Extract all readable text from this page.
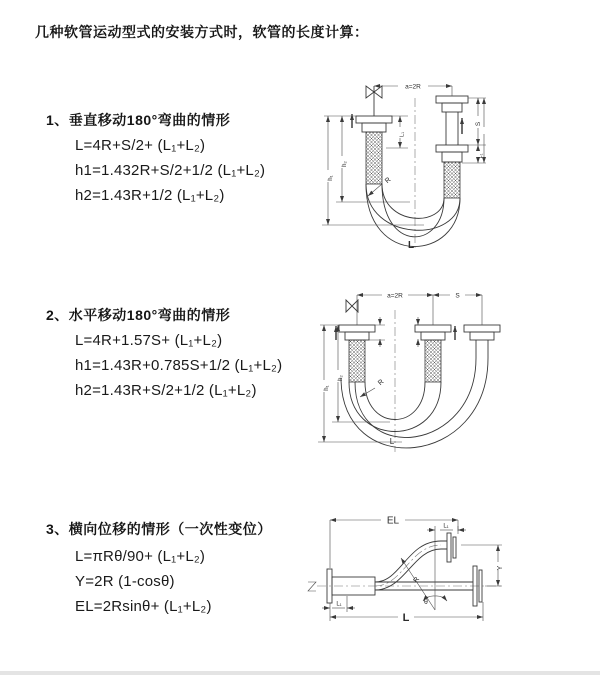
几种软管运动型式的安装方式时，软管的长度计算：
1、垂直移动180°弯曲的情形
L=4R+S/2+ (L₁+L₂)
h1=1.432R+S/2+1/2 (L₁+L₂)
h2=1.43R+1/2 (L₁+L₂)
a=2R
S
L₁
L₁
h₂
h₁	R
L
2、水平移动180°弯曲的情形
L=4R+1.57S+ (L₁+L₂)
h1=1.43R+0.785S+1/2 (L₁+L₂)
h2=1.43R+S/2+1/2 (L₁+L₂)
a=2R	S
h₂
h₁
R
L
3、横向位移的情形（一次性变位）
L=πRθ/90+ (L₁+L₂)
Y=2R (1-cosθ)
EL=2Rsinθ+ (L₁+L₂)
EL	L₁
Y
R
θ
L₁
L
